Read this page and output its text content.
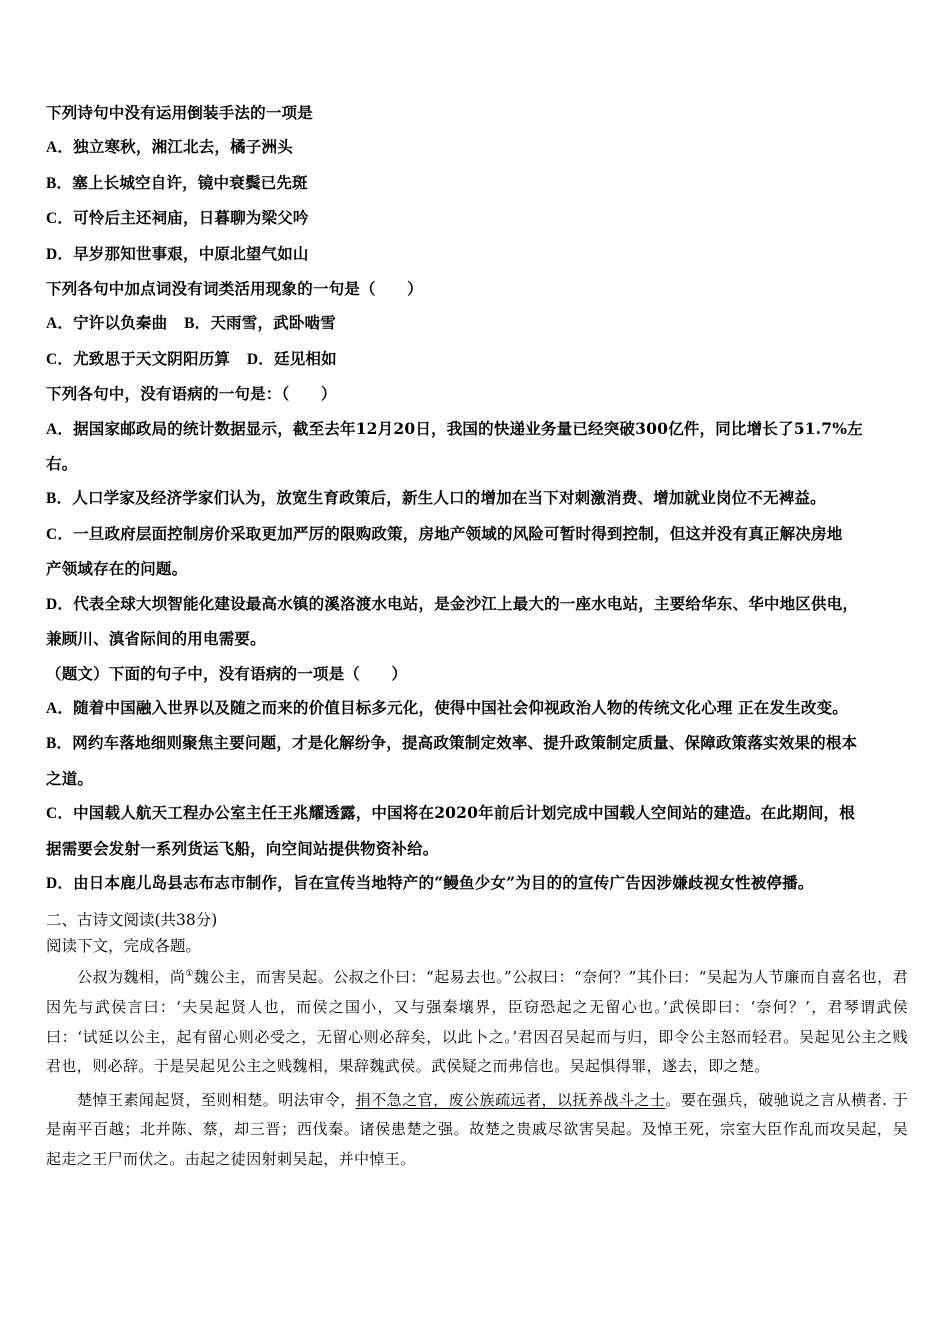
下列诗句中没有运用倒装手法的一项是
A．独立寒秋，湘江北去，橘子洲头
B．塞上长城空自许，镜中衰鬓已先斑
C．可怜后主还祠庙，日暮聊为梁父吟
D．早岁那知世事艰，中原北望气如山
下列各句中加点词没有词类活用现象的一句是（　　）
A．宁许以负秦曲 B．天雨雪，武卧啮雪
C．尤致思于天文阴阳历算 D．廷见相如
下列各句中，没有语病的一句是：（　　）
A．据国家邮政局的统计数据显示，截至去年12月20日，我国的快递业务量已经突破300亿件，同比增长了51.7%左
右。
B．人口学家及经济学家们认为，放宽生育政策后，新生人口的增加在当下对刺激消费、增加就业岗位不无裨益。
C．一旦政府层面控制房价采取更加严厉的限购政策，房地产领域的风险可暂时得到控制，但这并没有真正解决房地
产领域存在的问题。
D．代表全球大坝智能化建设最高水镇的溪洛渡水电站，是金沙江上最大的一座水电站，主要给华东、华中地区供电，
兼顾川、滇省际间的用电需要。
（题文）下面的句子中，没有语病的一项是（　　）
A．随着中国融入世界以及随之而来的价值目标多元化，使得中国社会仰视政治人物的传统文化心理 正在发生改变。
B．网约车落地细则聚焦主要问题，才是化解纷争，提高政策制定效率、提升政策制定质量、保障政策落实效果的根本
之道。
C．中国载人航天工程办公室主任王兆耀透露，中国将在2020年前后计划完成中国载人空间站的建造。在此期间，根
据需要会发射一系列货运飞船，向空间站提供物资补给。
D．由日本鹿儿岛县志布志市制作，旨在宣传当地特产的“鳗鱼少女”为目的的宣传广告因涉嫌歧视女性被停播。
二、古诗文阅读(共38分)
阅读下文，完成各题。

公叔为魏相，尚①魏公主，而害吴起。公叔之仆曰：“起易去也。”公叔曰：“奈何？”其仆曰：“吴起为人节廉而自喜名也，君因先与武侯言曰：‘夫吴起贤人也，而侯之国小，又与强秦壤界，臣窃恐起之无留心也。’武侯即曰：‘奈何？’，君琴谓武侯曰：‘试延以公主，起有留心则必受之，无留心则必辞矣，以此卜之。’君因召吴起而与归，即令公主怒而轻君。吴起见公主之贱君也，则必辞。于是吴起见公主之贱魏相，果辞魏武侯。武侯疑之而弗信也。吴起惧得罪，遂去，即之楚。

楚悼王素闻起贤，至则相楚。明法审令，捐不急之官，废公族疏远者，以抚养战斗之士。要在强兵，破驰说之言从横者. 于是南平百越；北并陈、蔡，却三晋；西伐秦。诸侯患楚之强。故楚之贵戚尽欲害吴起。及悼王死，宗室大臣作乱而攻吴起，吴起走之王尸而伏之。击起之徒因射刺吴起，并中悼王。
